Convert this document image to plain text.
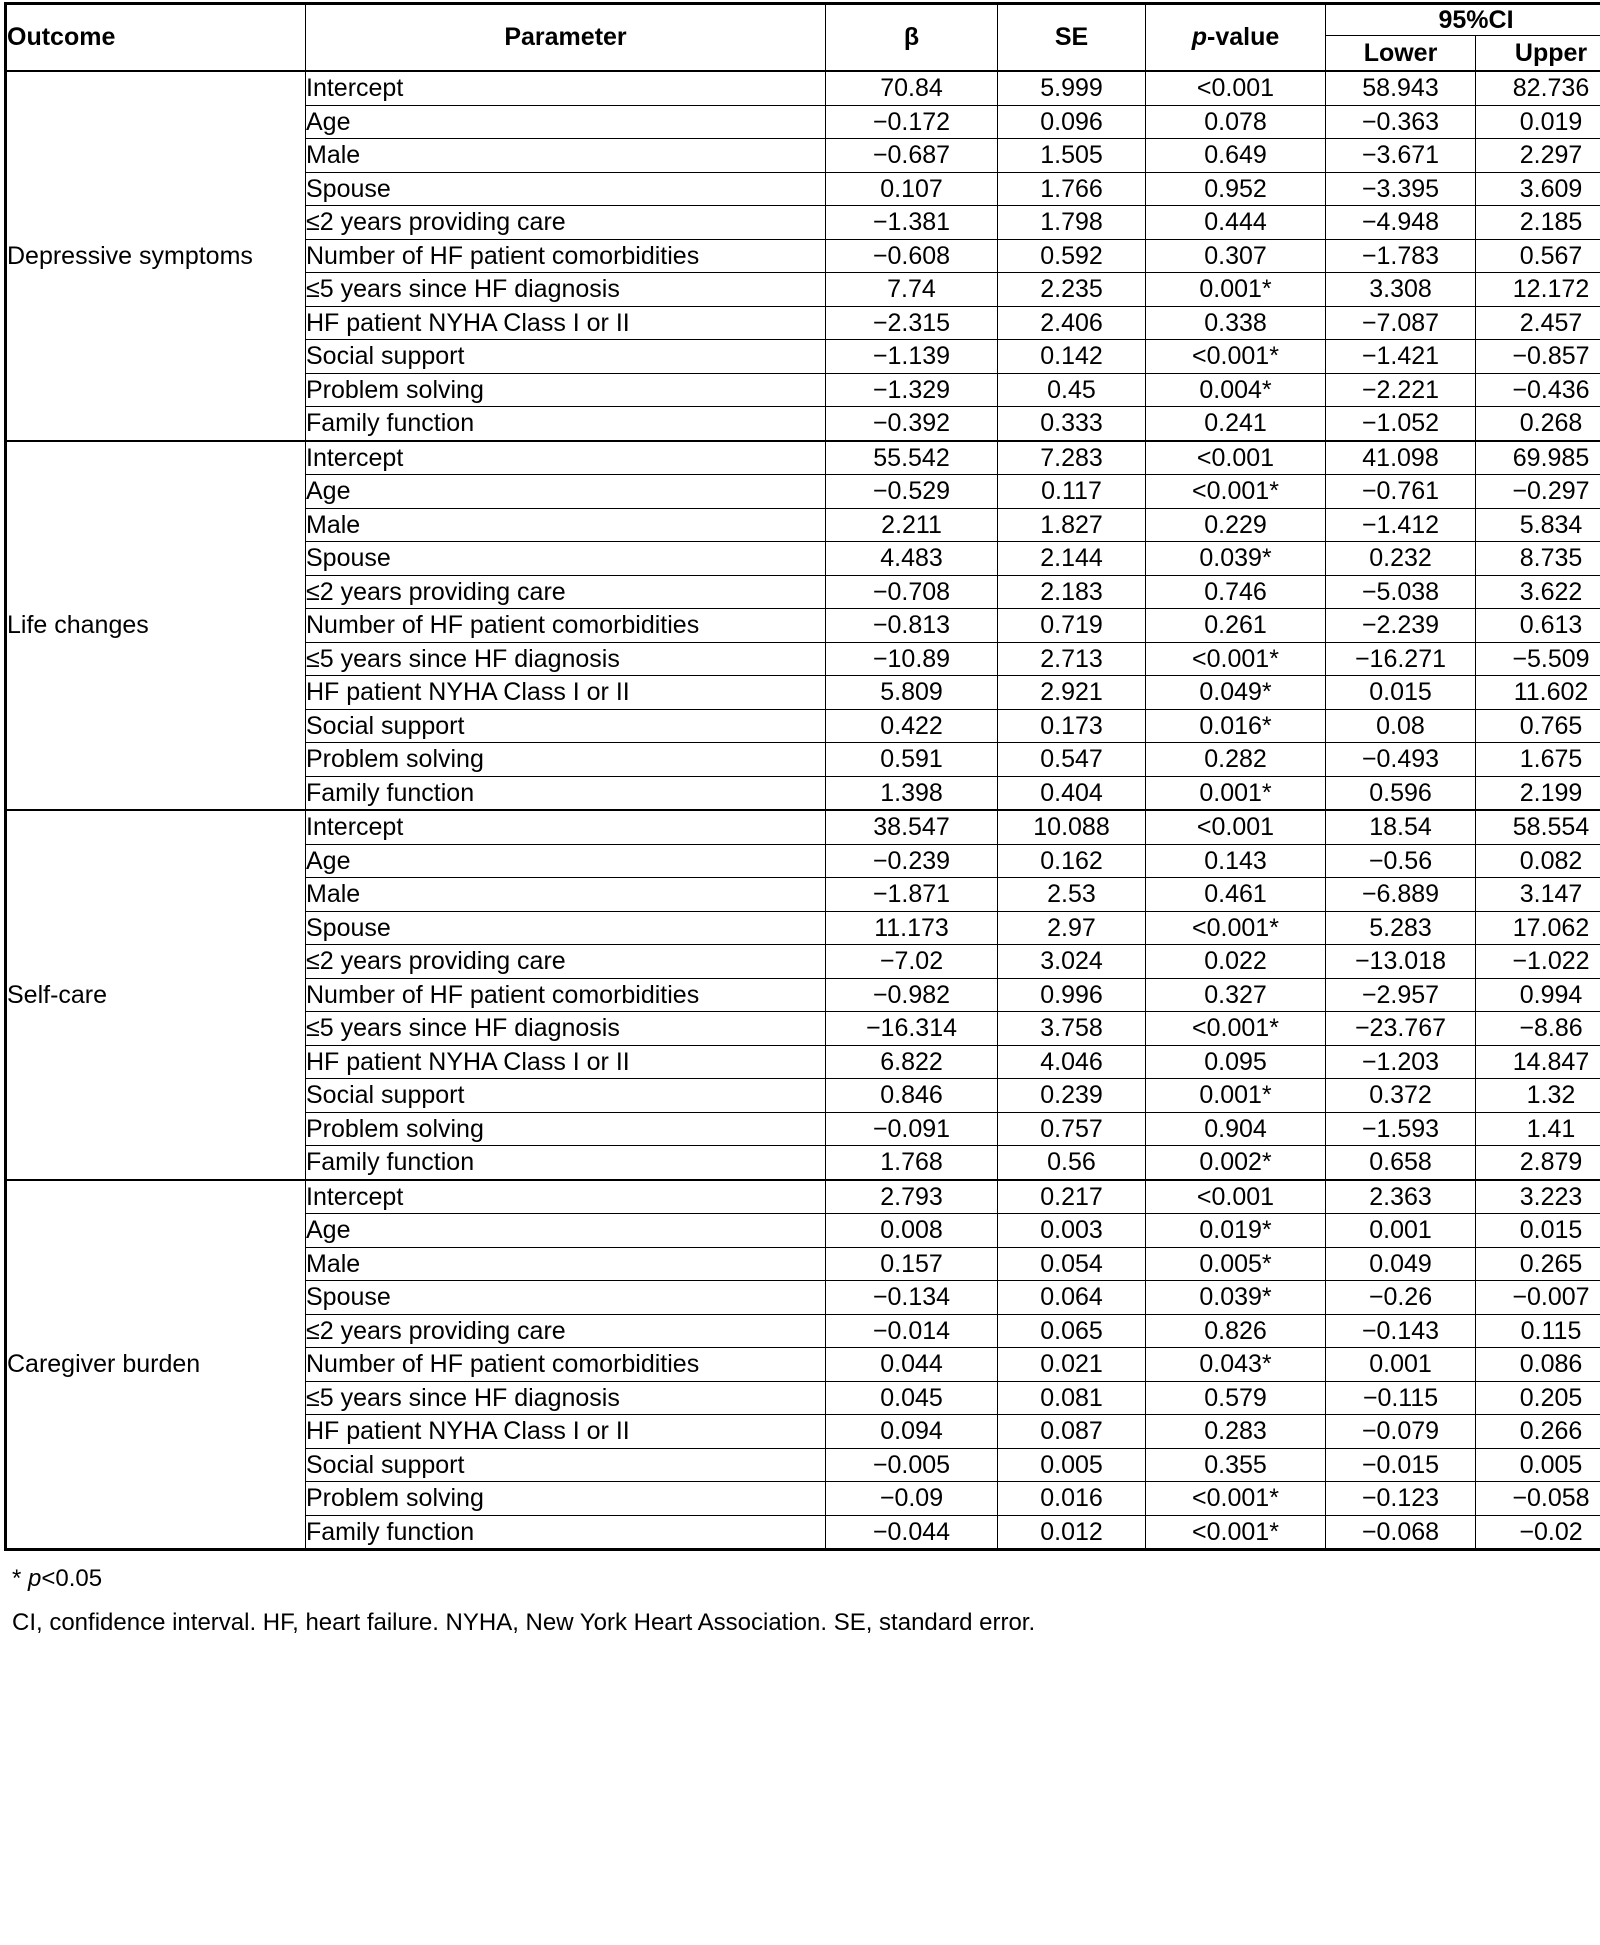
Outcome	Parameter	β	SE	p-value	95%CI	
					Lower	Upper
Depressive symptoms	Intercept	70.84	5.999	<0.001	58.943	82.736
	Age	−0.172	0.096	0.078	−0.363	0.019
	Male	−0.687	1.505	0.649	−3.671	2.297
	Spouse	0.107	1.766	0.952	−3.395	3.609
	≤2 years providing care	−1.381	1.798	0.444	−4.948	2.185
	Number of HF patient comorbidities	−0.608	0.592	0.307	−1.783	0.567
	≤5 years since HF diagnosis	7.74	2.235	0.001*	3.308	12.172
	HF patient NYHA Class I or II	−2.315	2.406	0.338	−7.087	2.457
	Social support	−1.139	0.142	<0.001*	−1.421	−0.857
	Problem solving	−1.329	0.45	0.004*	−2.221	−0.436
	Family function	−0.392	0.333	0.241	−1.052	0.268
Life changes	Intercept	55.542	7.283	<0.001	41.098	69.985
	Age	−0.529	0.117	<0.001*	−0.761	−0.297
	Male	2.211	1.827	0.229	−1.412	5.834
	Spouse	4.483	2.144	0.039*	0.232	8.735
	≤2 years providing care	−0.708	2.183	0.746	−5.038	3.622
	Number of HF patient comorbidities	−0.813	0.719	0.261	−2.239	0.613
	≤5 years since HF diagnosis	−10.89	2.713	<0.001*	−16.271	−5.509
	HF patient NYHA Class I or II	5.809	2.921	0.049*	0.015	11.602
	Social support	0.422	0.173	0.016*	0.08	0.765
	Problem solving	0.591	0.547	0.282	−0.493	1.675
	Family function	1.398	0.404	0.001*	0.596	2.199
Self-care	Intercept	38.547	10.088	<0.001	18.54	58.554
	Age	−0.239	0.162	0.143	−0.56	0.082
	Male	−1.871	2.53	0.461	−6.889	3.147
	Spouse	11.173	2.97	<0.001*	5.283	17.062
	≤2 years providing care	−7.02	3.024	0.022	−13.018	−1.022
	Number of HF patient comorbidities	−0.982	0.996	0.327	−2.957	0.994
	≤5 years since HF diagnosis	−16.314	3.758	<0.001*	−23.767	−8.86
	HF patient NYHA Class I or II	6.822	4.046	0.095	−1.203	14.847
	Social support	0.846	0.239	0.001*	0.372	1.32
	Problem solving	−0.091	0.757	0.904	−1.593	1.41
	Family function	1.768	0.56	0.002*	0.658	2.879
Caregiver burden	Intercept	2.793	0.217	<0.001	2.363	3.223
	Age	0.008	0.003	0.019*	0.001	0.015
	Male	0.157	0.054	0.005*	0.049	0.265
	Spouse	−0.134	0.064	0.039*	−0.26	−0.007
	≤2 years providing care	−0.014	0.065	0.826	−0.143	0.115
	Number of HF patient comorbidities	0.044	0.021	0.043*	0.001	0.086
	≤5 years since HF diagnosis	0.045	0.081	0.579	−0.115	0.205
	HF patient NYHA Class I or II	0.094	0.087	0.283	−0.079	0.266
	Social support	−0.005	0.005	0.355	−0.015	0.005
	Problem solving	−0.09	0.016	<0.001*	−0.123	−0.058
	Family function	−0.044	0.012	<0.001*	−0.068	−0.02
* p<0.05
CI, confidence interval. HF, heart failure. NYHA, New York Heart Association. SE, standard error.
